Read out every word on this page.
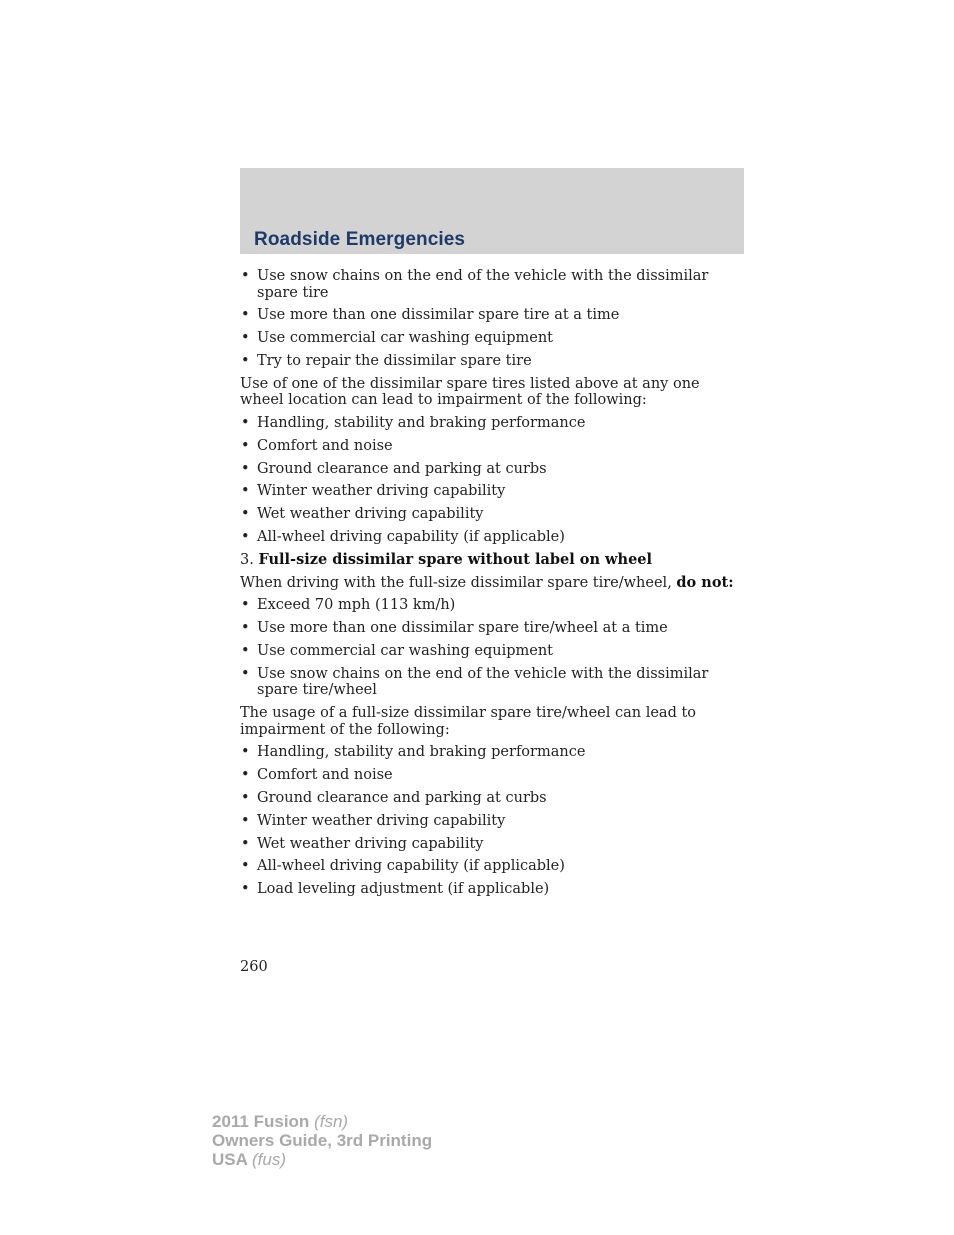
Roadside Emergencies
• Use snow chains on the end of the vehicle with the dissimilar spare tire
• Use more than one dissimilar spare tire at a time
• Use commercial car washing equipment
• Try to repair the dissimilar spare tire

Use of one of the dissimilar spare tires listed above at any one wheel location can lead to impairment of the following:

• Handling, stability and braking performance
• Comfort and noise
• Ground clearance and parking at curbs
• Winter weather driving capability
• Wet weather driving capability
• All-wheel driving capability (if applicable)

3. Full-size dissimilar spare without label on wheel

When driving with the full-size dissimilar spare tire/wheel, do not:

• Exceed 70 mph (113 km/h)
• Use more than one dissimilar spare tire/wheel at a time
• Use commercial car washing equipment
• Use snow chains on the end of the vehicle with the dissimilar spare tire/wheel

The usage of a full-size dissimilar spare tire/wheel can lead to impairment of the following:

• Handling, stability and braking performance
• Comfort and noise
• Ground clearance and parking at curbs
• Winter weather driving capability
• Wet weather driving capability
• All-wheel driving capability (if applicable)
• Load leveling adjustment (if applicable)
260
2011 Fusion (fsn)
Owners Guide, 3rd Printing
USA (fus)
